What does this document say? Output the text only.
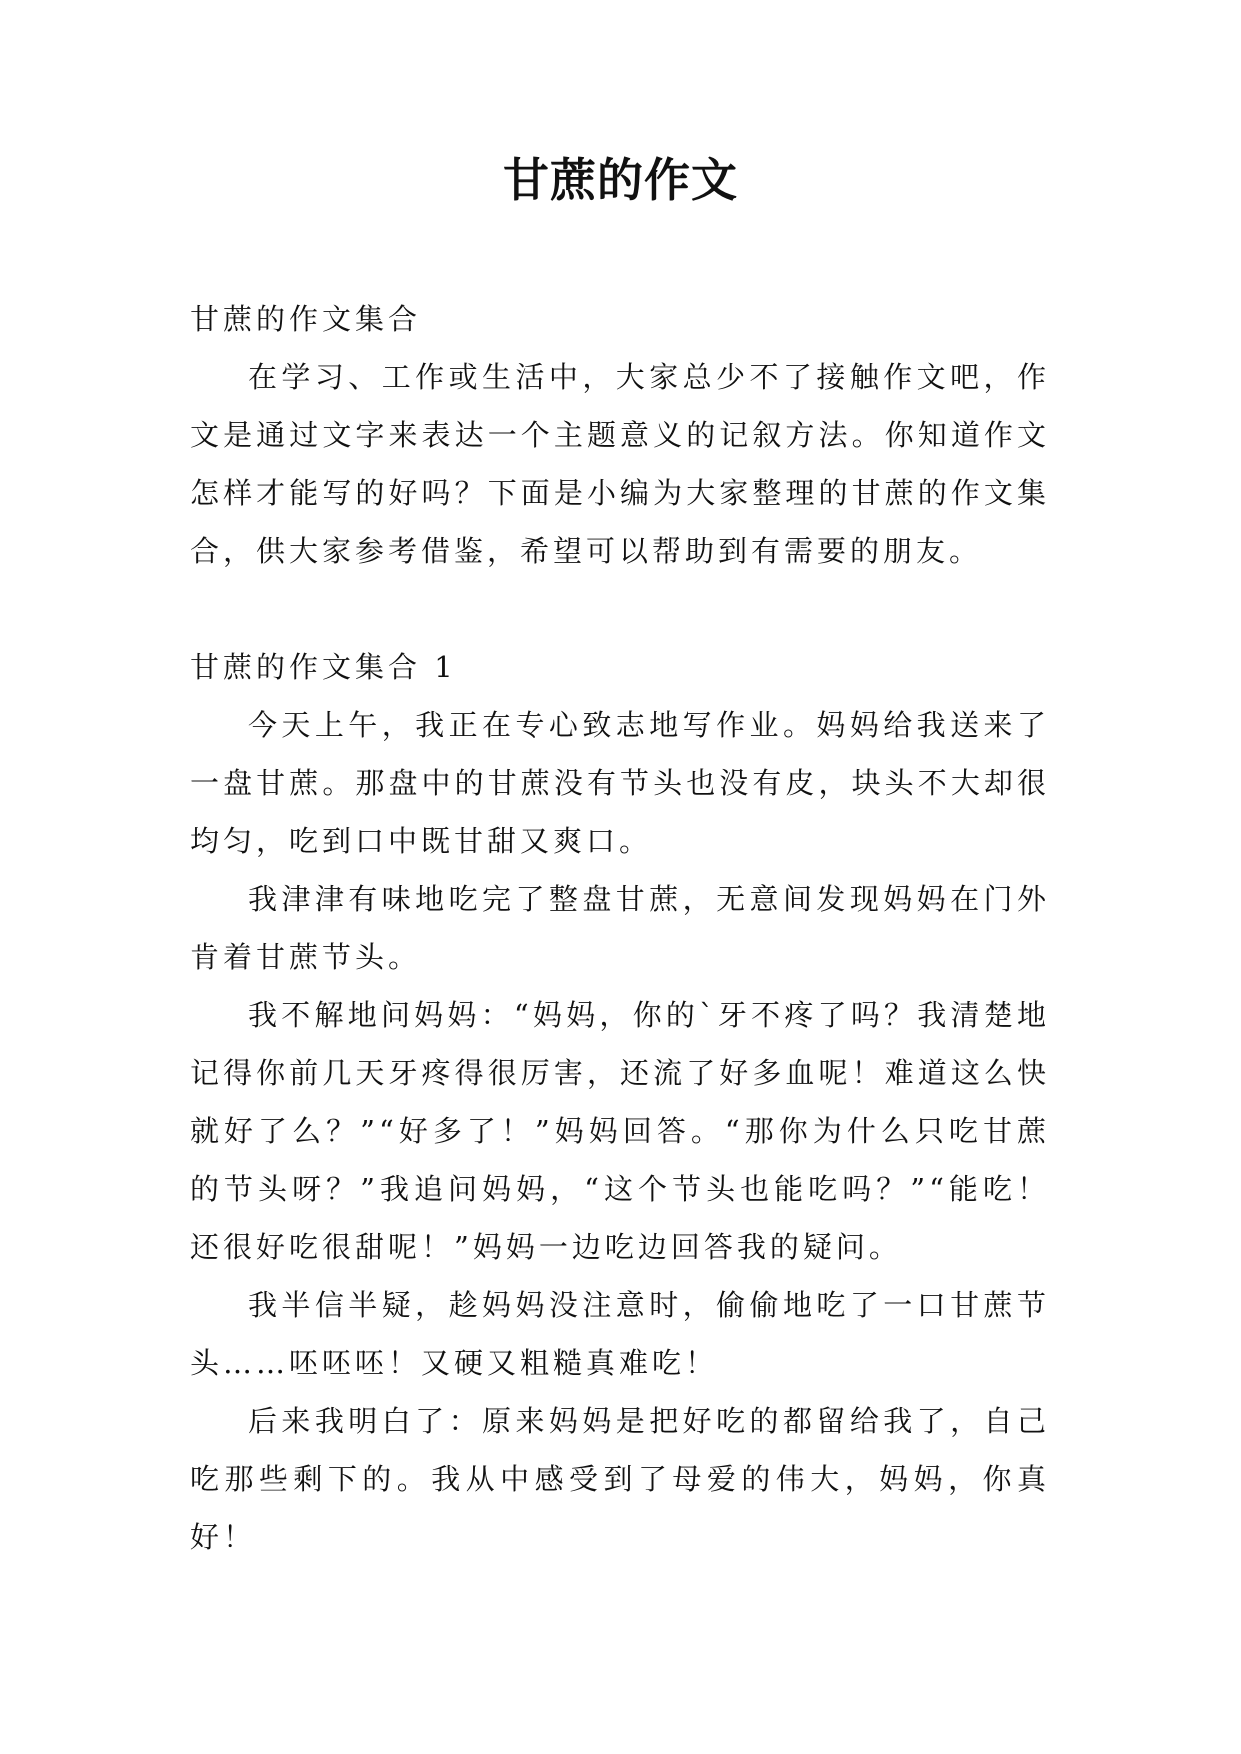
甘蔗的作文

甘蔗的作文集合

在学习、工作或生活中，大家总少不了接触作文吧，作文是通过文字来表达一个主题意义的记叙方法。你知道作文怎样才能写的好吗？下面是小编为大家整理的甘蔗的作文集合，供大家参考借鉴，希望可以帮助到有需要的朋友。

甘蔗的作文集合 1

今天上午，我正在专心致志地写作业。妈妈给我送来了一盘甘蔗。那盘中的甘蔗没有节头也没有皮，块头不大却很均匀，吃到口中既甘甜又爽口。

我津津有味地吃完了整盘甘蔗，无意间发现妈妈在门外肯着甘蔗节头。

我不解地问妈妈：“妈妈，你的`牙不疼了吗？我清楚地记得你前几天牙疼得很厉害，还流了好多血呢！难道这么快就好了么？”“好多了！”妈妈回答。“那你为什么只吃甘蔗的节头呀？”我追问妈妈，“这个节头也能吃吗？”“能吃！还很好吃很甜呢！”妈妈一边吃边回答我的疑问。

我半信半疑，趁妈妈没注意时，偷偷地吃了一口甘蔗节头……呸呸呸！又硬又粗糙真难吃！

后来我明白了：原来妈妈是把好吃的都留给我了，自己吃那些剩下的。我从中感受到了母爱的伟大，妈妈，你真好！
